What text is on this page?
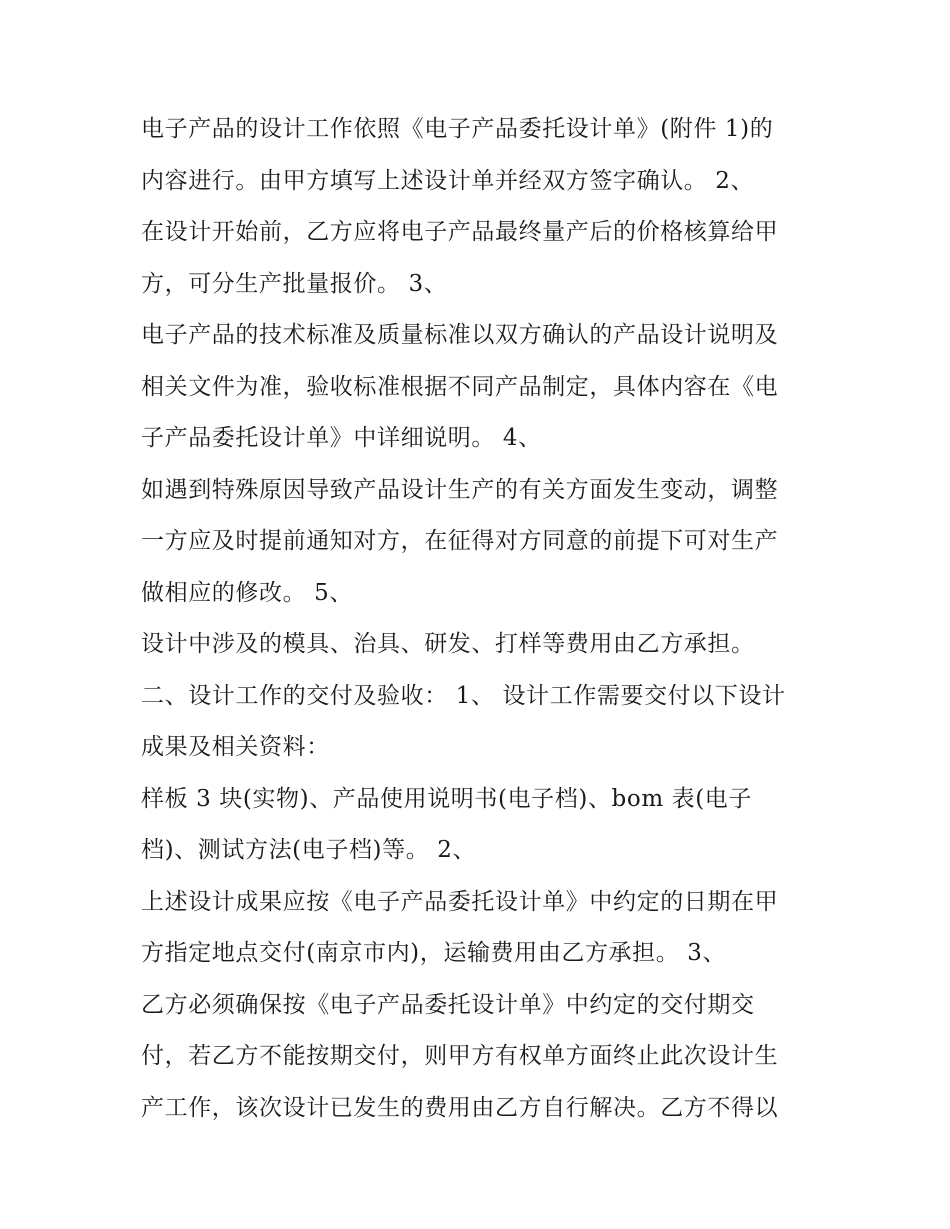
电子产品的设计工作依照《电子产品委托设计单》(附件 1)的
内容进行。由甲方填写上述设计单并经双方签字确认。 2、
在设计开始前，乙方应将电子产品最终量产后的价格核算给甲
方，可分生产批量报价。 3、
电子产品的技术标准及质量标准以双方确认的产品设计说明及
相关文件为准，验收标准根据不同产品制定，具体内容在《电
子产品委托设计单》中详细说明。 4、
如遇到特殊原因导致产品设计生产的有关方面发生变动，调整
一方应及时提前通知对方，在征得对方同意的前提下可对生产
做相应的修改。 5、
设计中涉及的模具、治具、研发、打样等费用由乙方承担。
二、设计工作的交付及验收： 1、 设计工作需要交付以下设计
成果及相关资料：
样板 3 块(实物)、产品使用说明书(电子档)、bom 表(电子
档)、测试方法(电子档)等。 2、
上述设计成果应按《电子产品委托设计单》中约定的日期在甲
方指定地点交付(南京市内)，运输费用由乙方承担。 3、
乙方必须确保按《电子产品委托设计单》中约定的交付期交
付，若乙方不能按期交付，则甲方有权单方面终止此次设计生
产工作，该次设计已发生的费用由乙方自行解决。乙方不得以
